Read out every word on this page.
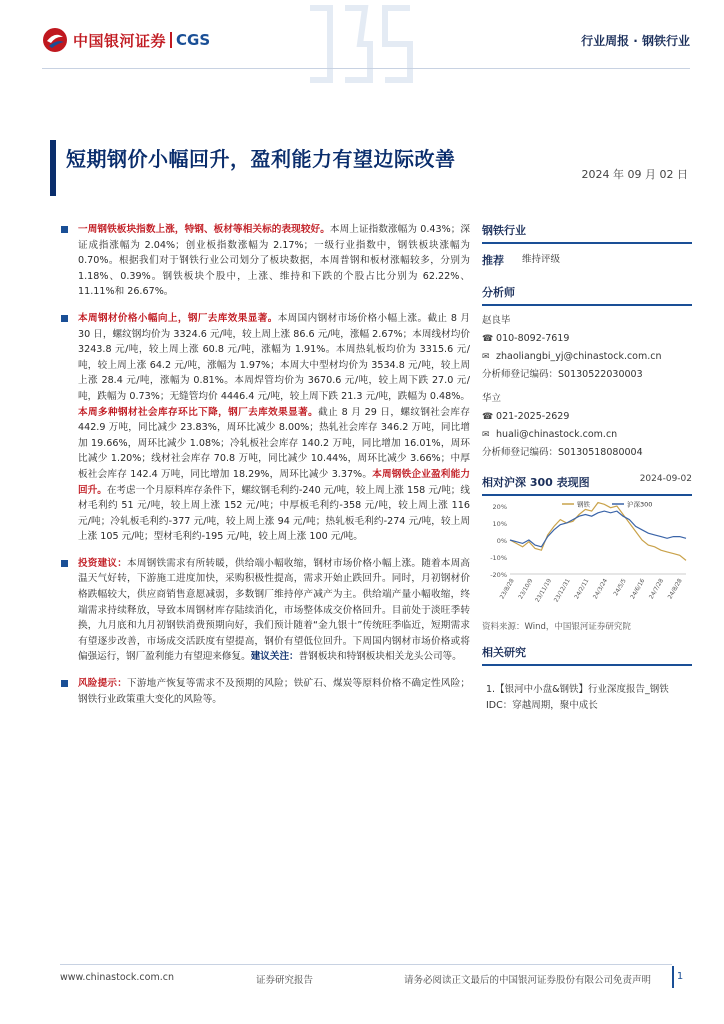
中国银河证券 CGS	行业周报 · 钢铁行业
短期钢价小幅回升，盈利能力有望边际改善
2024 年 09 月 02 日
一周钢铁板块指数上涨，特钢、板材等相关标的表现较好。本周上证指数涨幅为 0.43%；深证成指涨幅为 2.04%；创业板指数涨幅为 2.17%；一级行业指数中，钢铁板块涨幅为 0.70%。根据我们对于钢铁行业公司划分了板块数据，本周普钢和板材涨幅较多，分别为 1.18%、0.39%。钢铁板块个股中，上涨、维持和下跌的个股占比分别为 62.22%、11.11%和 26.67%。
本周钢材价格小幅向上，钢厂去库效果显著。本周国内钢材市场价格小幅上涨。截止 8 月 30 日，螺纹钢均价为 3324.6 元/吨，较上周上涨 86.6 元/吨，涨幅 2.67%；本周线材均价 3243.8 元/吨，较上周上涨 60.8 元/吨，涨幅为 1.91%。本周热轧板均价为 3315.6 元/吨，较上周上涨 64.2 元/吨，涨幅为 1.97%；本周大中型材均价为 3534.8 元/吨，较上周上涨 28.4 元/吨，涨幅为 0.81%。本周焊管均价为 3670.6 元/吨，较上周下跌 27.0 元/吨，跌幅为 0.73%；无缝管均价 4446.4 元/吨，较上周下跌 21.3 元/吨，跌幅为 0.48%。本周多种钢材社会库存环比下降，钢厂去库效果显著。截止 8 月 29 日，螺纹钢社会库存 442.9 万吨，同比减少 23.83%，周环比减少 8.00%；热轧社会库存 346.2 万吨，同比增加 19.66%，周环比减少 1.08%；冷轧板社会库存 140.2 万吨，同比增加 16.01%，周环比减少 1.20%；线材社会库存 70.8 万吨，同比减少 10.44%，周环比减少 3.66%；中厚板社会库存 142.4 万吨，同比增加 18.29%，周环比减少 3.37%。本周钢铁企业盈利能力回升。在考虑一个月原料库存条件下，螺纹钢毛利约-240 元/吨，较上周上涨 158 元/吨；线材毛利约 51 元/吨，较上周上涨 152 元/吨；中厚板毛利约-358 元/吨，较上周上涨 116 元/吨；冷轧板毛利约-377 元/吨，较上周上涨 94 元/吨；热轧板毛利约-274 元/吨，较上周上涨 105 元/吨；型材毛利约-195 元/吨，较上周上涨 100 元/吨。
投资建议：本周钢铁需求有所转暖，供给端小幅收缩，钢材市场价格小幅上涨。随着本周高温天气好转，下游施工进度加快，采购积极性提高，需求开始止跌回升。同时，月初钢材价格跌幅较大，供应商销售意愿减弱，多数钢厂维持停产减产为主。供给端产量小幅收缩，终端需求持续释放，导致本周钢材库存陆续消化，市场整体成交价格回升。目前处于淡旺季转换，九月底和九月初钢铁消费预期向好，我们预计随着“金九银十”传统旺季临近，短期需求有望逐步改善，市场成交活跃度有望提高，钢价有望低位回升。下周国内钢材市场价格或将偏强运行，钢厂盈利能力有望迎来修复。建议关注：普钢板块和特钢板块相关龙头公司等。
风险提示：下游地产恢复等需求不及预期的风险；铁矿石、煤炭等原料价格不确定性风险；钢铁行业政策重大变化的风险等。
钢铁行业
推荐 维持评级
分析师
赵良毕
☎ 010-8092-7619
✉ zhaoliangbi_yj@chinastock.com.cn
分析师登记编码：S0130522030003
华立
☎ 021-2025-2629
✉ huali@chinastock.com.cn
分析师登记编码：S0130518080004
相对沪深 300 表现图	2024-09-02
20%
10%
0%
-10%
-20%
钢铁	沪深300
23/8/28 23/10/9 23/11/19 23/12/31 24/2/11 24/3/24 24/5/5 24/6/16 24/7/28 24/8/28
资料来源：Wind，中国银河证券研究院
相关研究
1.【银河中小盘&钢铁】行业深度报告_钢铁 IDC：穿越周期，聚中成长
www.chinastock.com.cn	证券研究报告	请务必阅读正文最后的中国银河证券股份有限公司免责声明	1
